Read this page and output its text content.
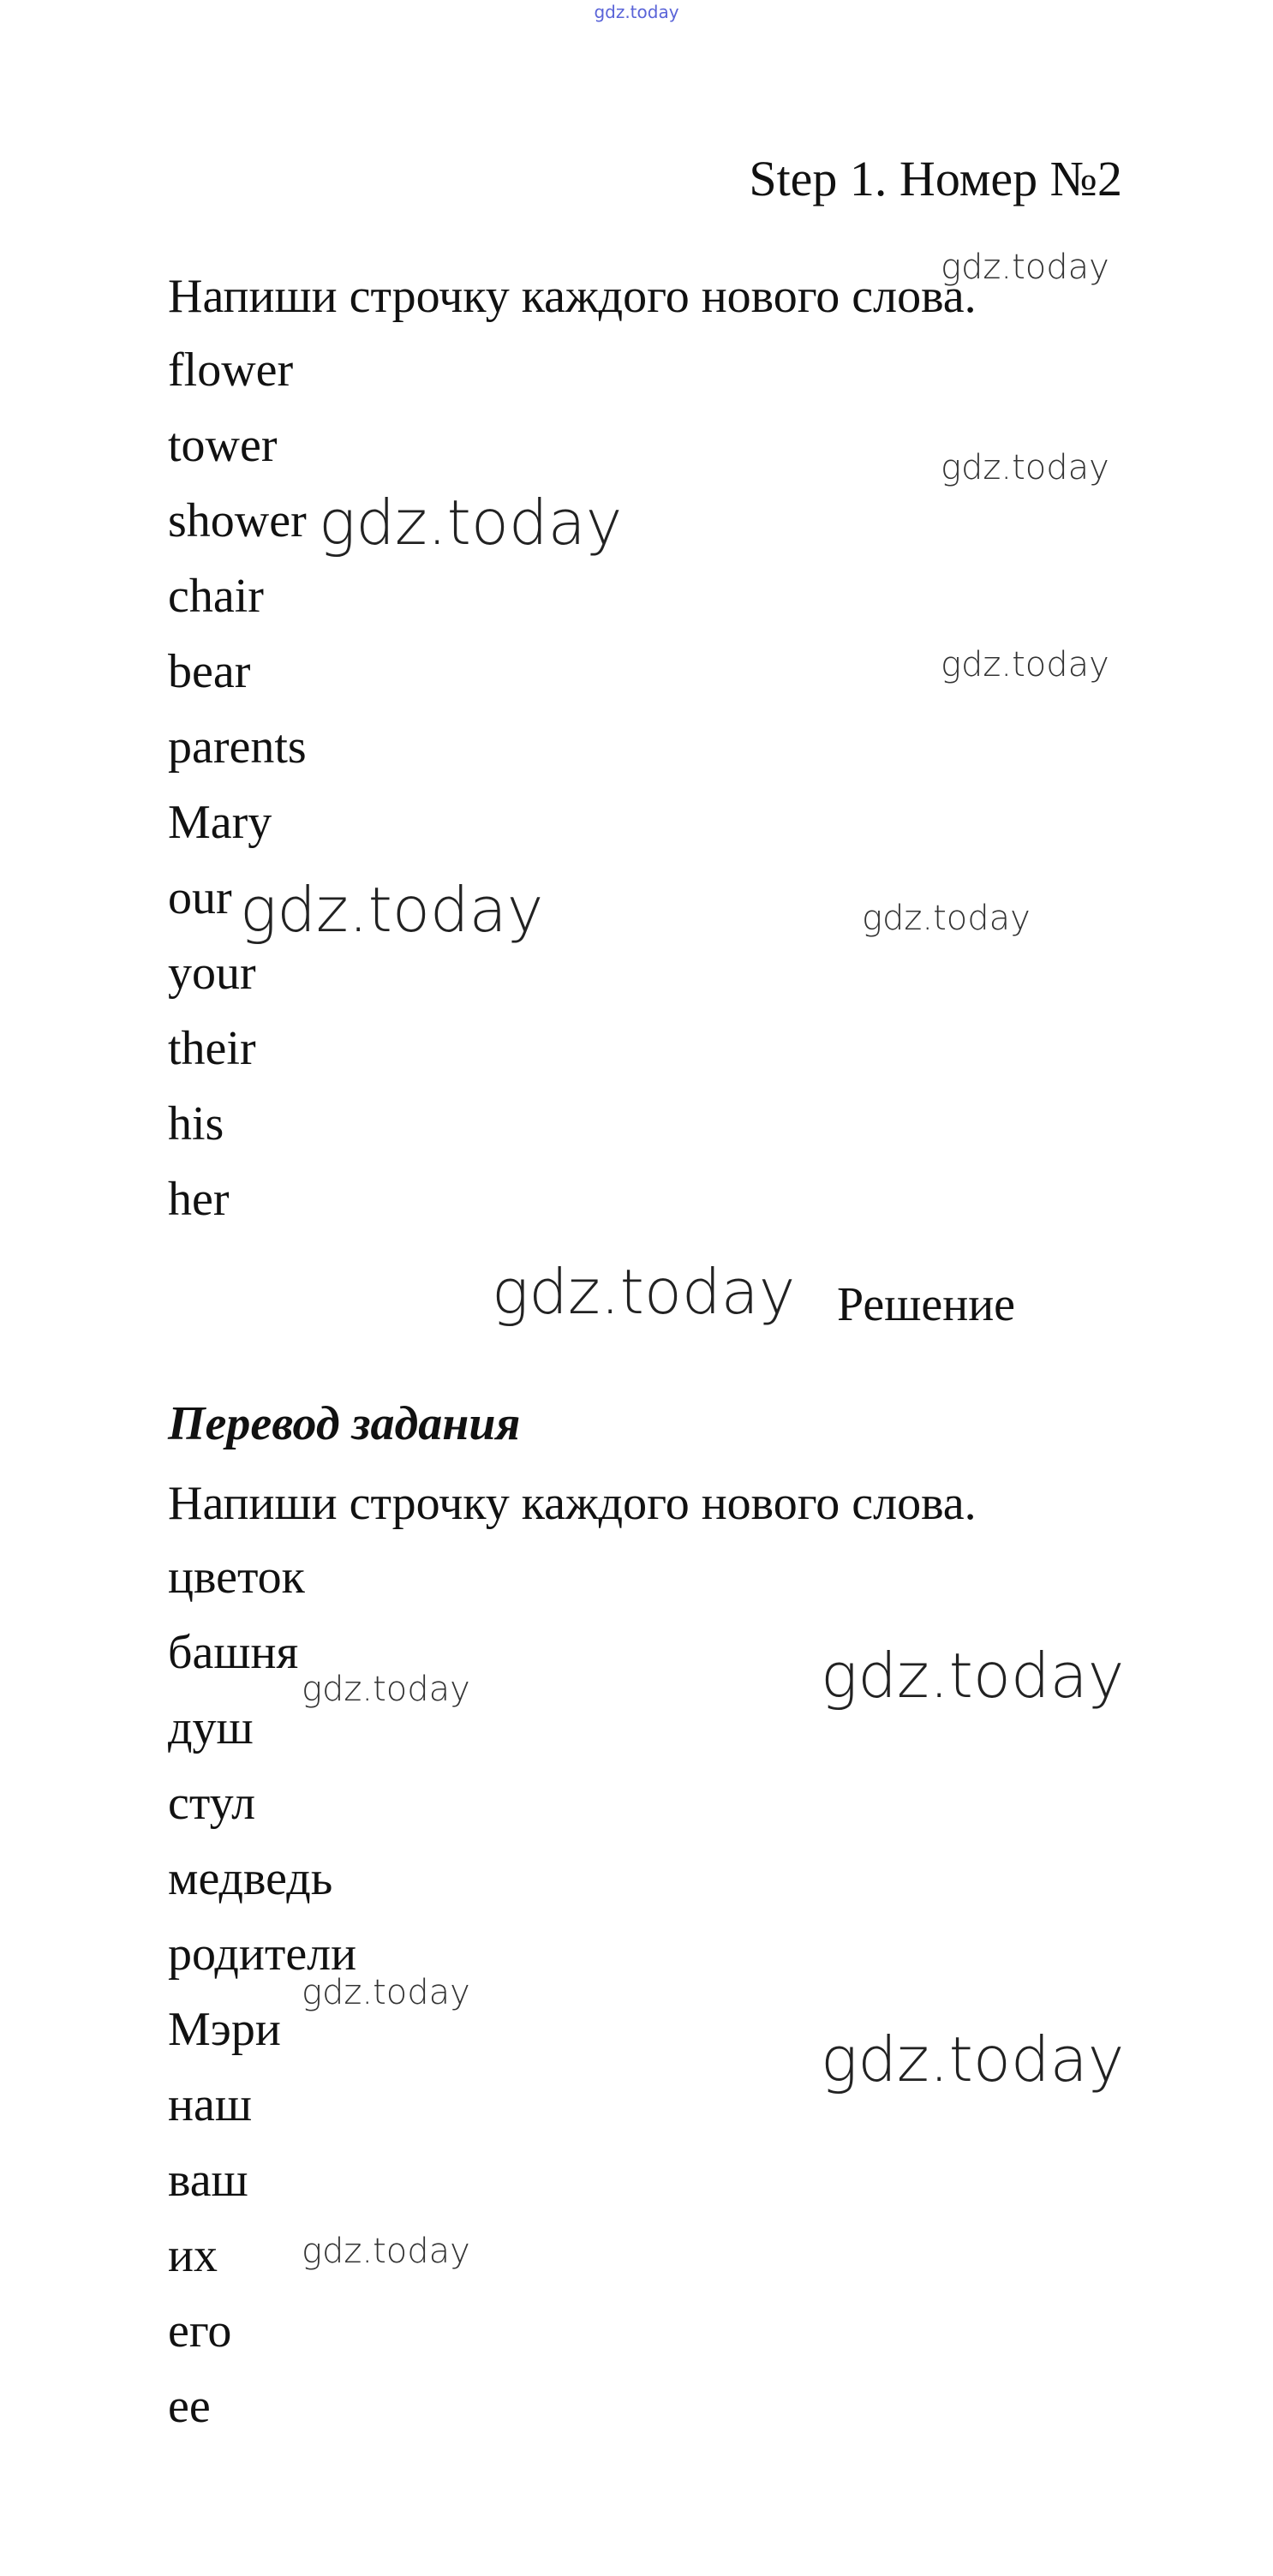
gdz.today
Step 1. Номер №2
Напиши строчку каждого нового слова.
flower
tower
shower
chair
bear
parents
Mary
our
your
their
his
her
Решение
Перевод задания
Напиши строчку каждого нового слова.
цветок
башня
душ
стул
медведь
родители
Мэри
наш
ваш
их
его
ее
gdz.today
gdz.today
gdz.today
gdz.today
gdz.today	gdz.today
gdz.today
gdz.today	gdz.today
gdz.today
gdz.today
gdz.today
